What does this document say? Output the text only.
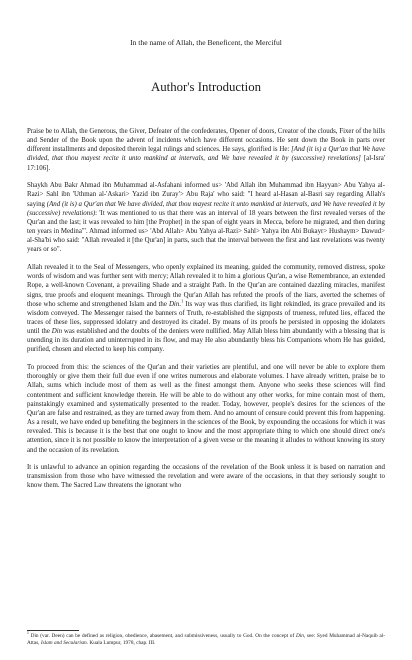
In the name of Allah, the Beneficent, the Merciful

Author's Introduction

Praise be to Allah, the Generous, the Giver, Defeater of the confederates, Opener of doors, Creator of the clouds, Fixer of the hills and Sender of the Book upon the advent of incidents which have different occasions. He sent down the Book in parts over different installments and deposited therein legal rulings and sciences. He says, glorified is He: [And (it is) a Qur'an that We have divided, that thou mayest recite it unto mankind at intervals, and We have revealed it by (successive) revelations] [al-Isra' 17:106].

Shaykh Abu Bakr Ahmad ibn Muhammad al-Asfahani informed us> 'Abd Allah ibn Muhammad ibn Hayyan> Abu Yahya al-Razi> Sahl ibn 'Uthman al-'Askari> Yazid ibn Zuray'> Abu Raja' who said: "I heard al-Hasan al-Basri say regarding Allah's saying (And (it is) a Qur'an that We have divided, that thou mayest recite it unto mankind at intervals, and We have revealed it by (successive) revelations): 'It was mentioned to us that there was an interval of 18 years between the first revealed verses of the Qur'an and the last; it was revealed to him [the Prophet] in the span of eight years in Mecca, before he migrated, and then during ten years in Medina'". Ahmad informed us> 'Abd Allah> Abu Yahya al-Razi> Sahl> Yahya ibn Abi Bukayr> Hushaym> Dawud> al-Sha'bi who said: "Allah revealed it [the Qur'an] in parts, such that the interval between the first and last revelations was twenty years or so".

Allah revealed it to the Seal of Messengers, who openly explained its meaning, guided the community, removed distress, spoke words of wisdom and was further sent with mercy; Allah revealed it to him a glorious Qur'an, a wise Remembrance, an extended Rope, a well-known Covenant, a prevailing Shade and a straight Path. In the Qur'an are contained dazzling miracles, manifest signs, true proofs and eloquent meanings. Through the Qur'an Allah has refuted the proofs of the liars, averted the schemes of those who scheme and strengthened Islam and the Din.$^1$ Its way was thus clarified, its light rekindled, its grace prevailed and its wisdom conveyed. The Messenger raised the banners of Truth, re-established the signposts of trueness, refuted lies, effaced the traces of these lies, suppressed idolatry and destroyed its citadel. By means of its proofs he persisted in opposing the idolaters until the Din was established and the doubts of the deniers were nullified. May Allah bless him abundantly with a blessing that is unending in its duration and uninterrupted in its flow, and may He also abundantly bless his Companions whom He has guided, purified, chosen and elected to keep his company.

To proceed from this: the sciences of the Qur'an and their varieties are plentiful, and one will never be able to explore them thoroughly or give them their full due even if one writes numerous and elaborate volumes. I have already written, praise be to Allah, sums which include most of them as well as the finest amongst them. Anyone who seeks these sciences will find contentment and sufficient knowledge therein. He will be able to do without any other works, for mine contain most of them, painstakingly examined and systematically presented to the reader. Today, however, people's desires for the sciences of the Qur'an are false and restrained, as they are turned away from them. And no amount of censure could prevent this from happening. As a result, we have ended up benefiting the beginners in the sciences of the Book, by expounding the occasions for which it was revealed. This is because it is the best that one ought to know and the most appropriate thing to which one should direct one's attention, since it is not possible to know the interpretation of a given verse or the meaning it alludes to without knowing its story and the occasion of its revelation.

It is unlawful to advance an opinion regarding the occasions of the revelation of the Book unless it is based on narration and transmission from those who have witnessed the revelation and were aware of the occasions, in that they seriously sought to know them. The Sacred Law threatens the ignorant who

$^1$ Din (var. Deen) can be defined as religion, obedience, abasement, and submissiveness, usually to God. On the concept of Din, see: Syed Muhammad al-Naquib al-Attas, Islam and Secularism. Kuala Lumpur, 1978, chap. III.
